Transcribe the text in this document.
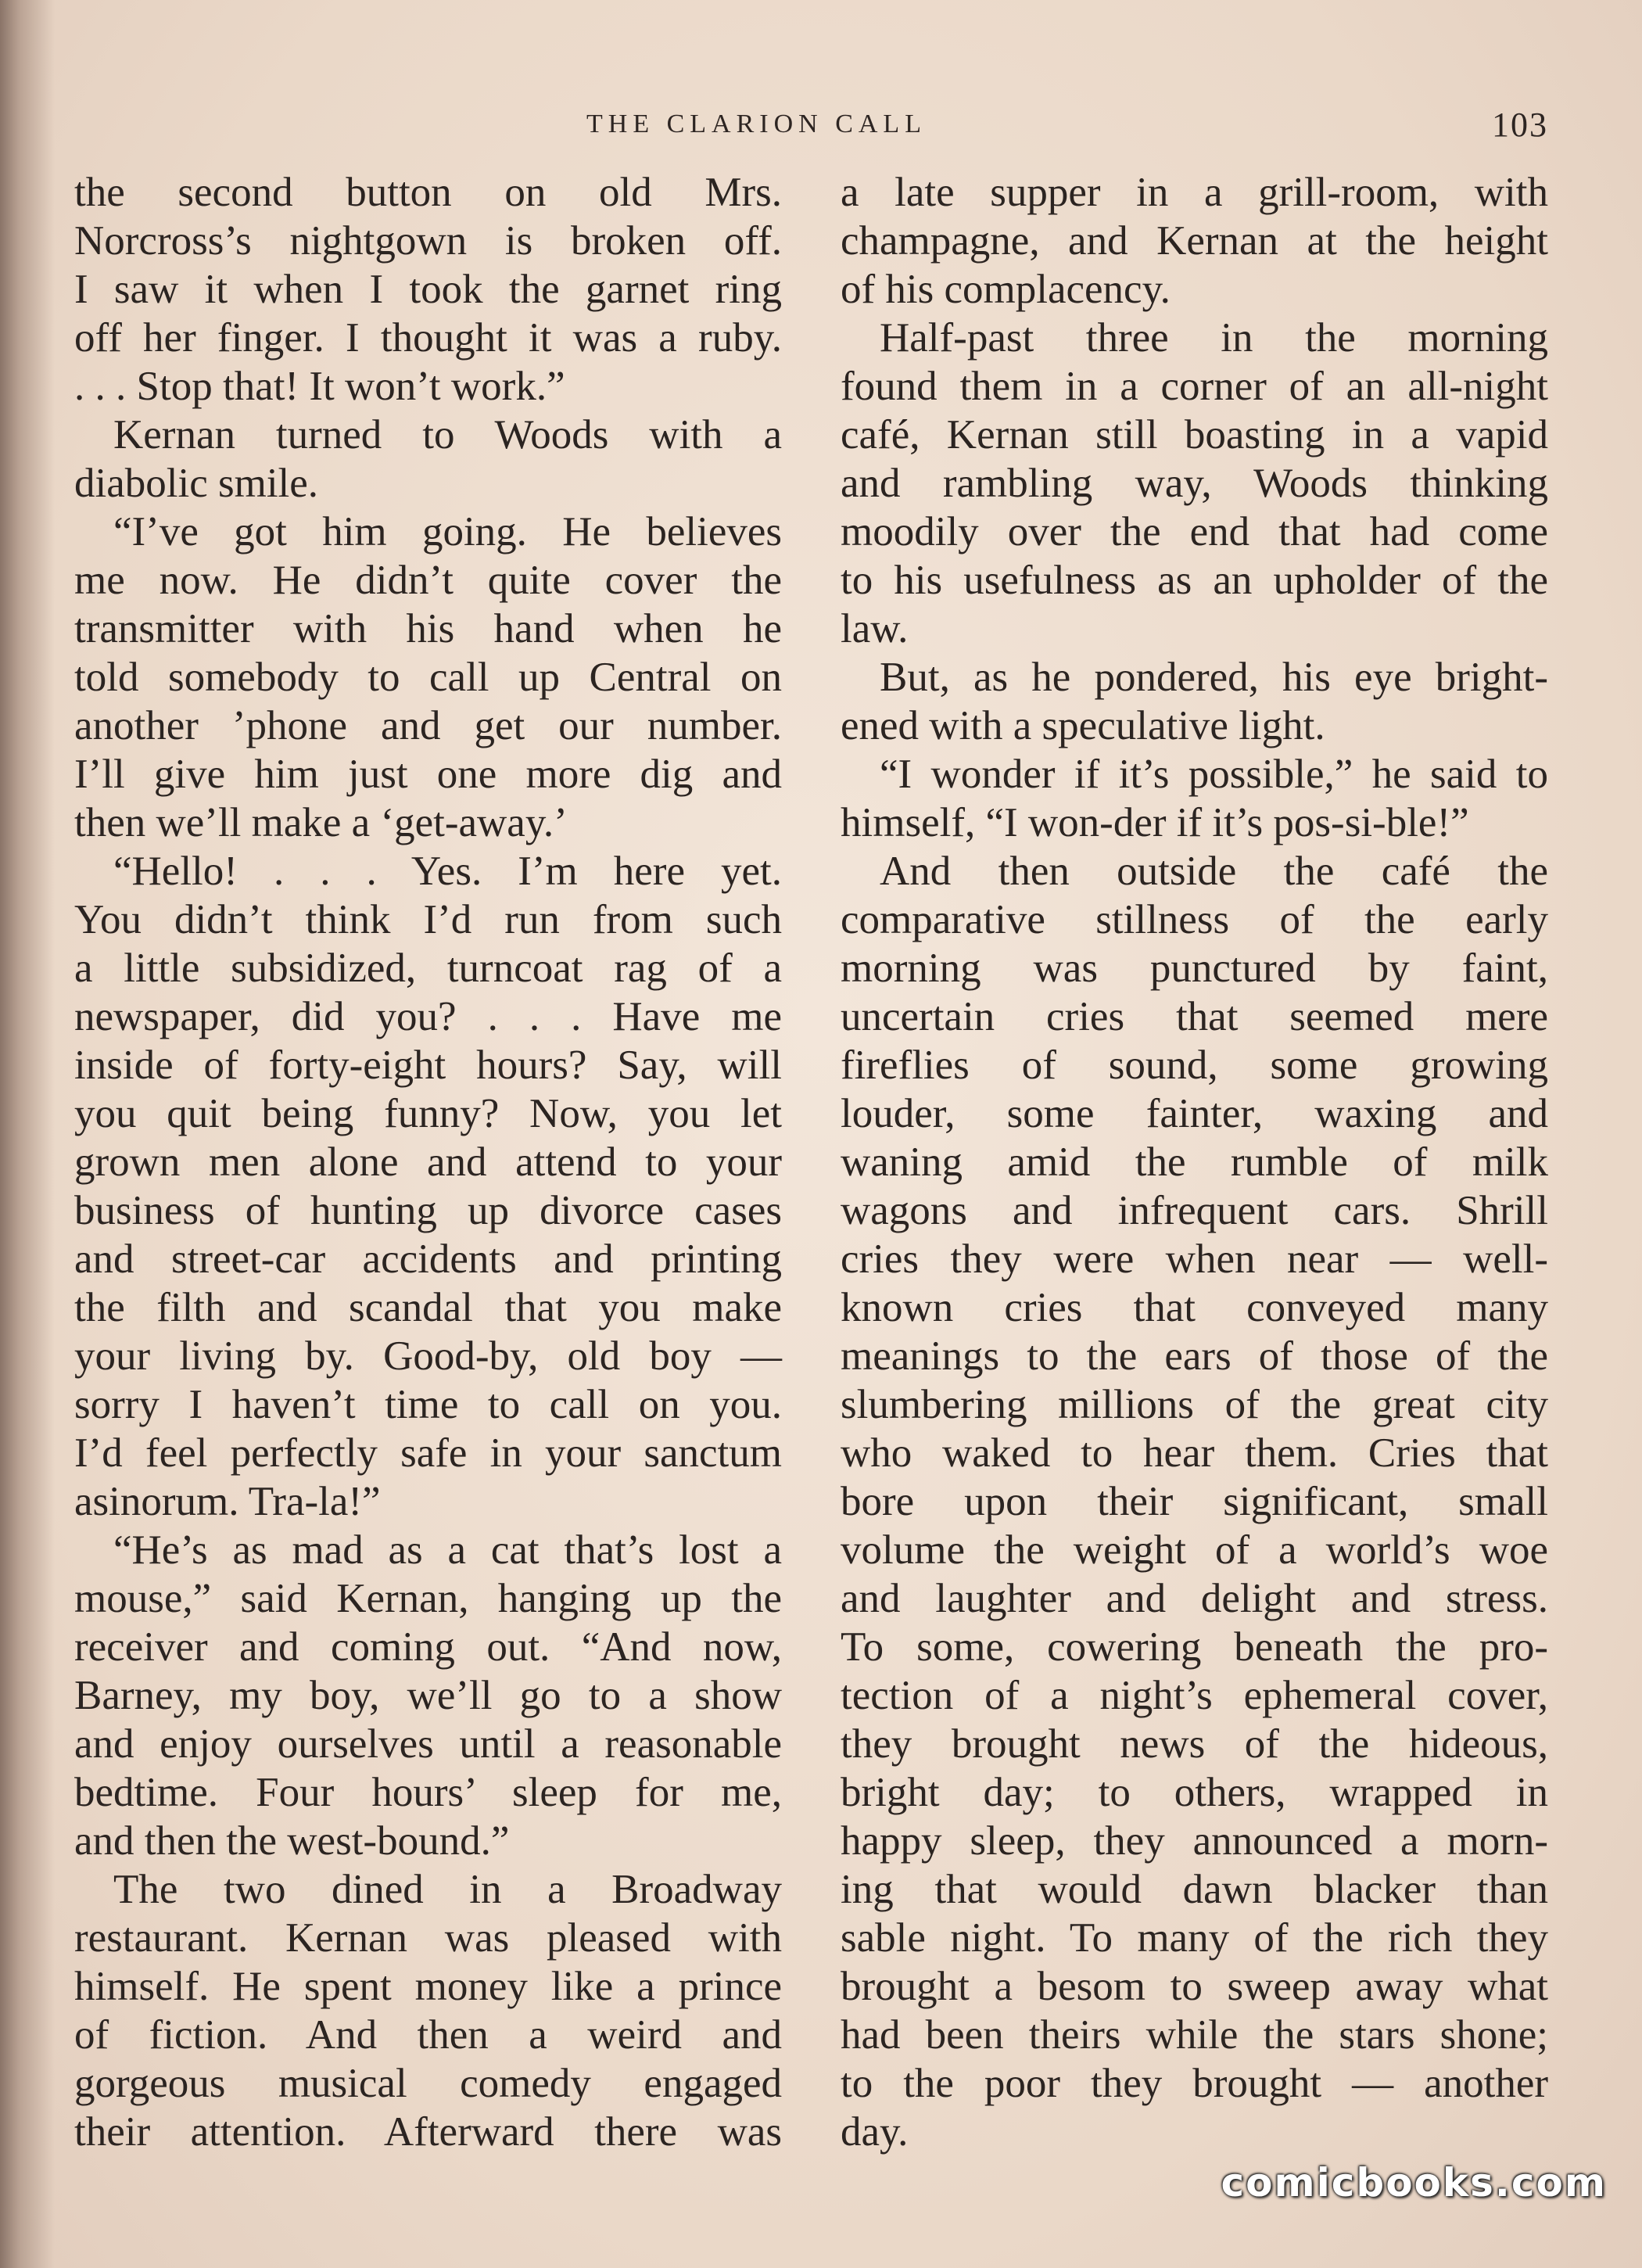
THE CLARION CALL	103
the second button on old Mrs.
Norcross’s nightgown is broken off.
I saw it when I took the garnet ring
off her finger. I thought it was a ruby.
. . . Stop that! It won’t work.”
Kernan turned to Woods with a
diabolic smile.
“I’ve got him going. He believes
me now. He didn’t quite cover the
transmitter with his hand when he
told somebody to call up Central on
another ’phone and get our number.
I’ll give him just one more dig and
then we’ll make a ‘get-away.’
“Hello! . . . Yes. I’m here yet.
You didn’t think I’d run from such
a little subsidized, turncoat rag of a
newspaper, did you? . . . Have me
inside of forty-eight hours? Say, will
you quit being funny? Now, you let
grown men alone and attend to your
business of hunting up divorce cases
and street-car accidents and printing
the filth and scandal that you make
your living by. Good-by, old boy —
sorry I haven’t time to call on you.
I’d feel perfectly safe in your sanctum
asinorum. Tra-la!”
“He’s as mad as a cat that’s lost a
mouse,” said Kernan, hanging up the
receiver and coming out. “And now,
Barney, my boy, we’ll go to a show
and enjoy ourselves until a reasonable
bedtime. Four hours’ sleep for me,
and then the west-bound.”
The two dined in a Broadway
restaurant. Kernan was pleased with
himself. He spent money like a prince
of fiction. And then a weird and
gorgeous musical comedy engaged
their attention. Afterward there was
a late supper in a grill-room, with
champagne, and Kernan at the height
of his complacency.
Half-past three in the morning
found them in a corner of an all-night
café, Kernan still boasting in a vapid
and rambling way, Woods thinking
moodily over the end that had come
to his usefulness as an upholder of the
law.
But, as he pondered, his eye bright-
ened with a speculative light.
“I wonder if it’s possible,” he said to
himself, “I won-der if it’s pos-si-ble!”
And then outside the café the
comparative stillness of the early
morning was punctured by faint,
uncertain cries that seemed mere
fireflies of sound, some growing
louder, some fainter, waxing and
waning amid the rumble of milk
wagons and infrequent cars. Shrill
cries they were when near — well-
known cries that conveyed many
meanings to the ears of those of the
slumbering millions of the great city
who waked to hear them. Cries that
bore upon their significant, small
volume the weight of a world’s woe
and laughter and delight and stress.
To some, cowering beneath the pro-
tection of a night’s ephemeral cover,
they brought news of the hideous,
bright day; to others, wrapped in
happy sleep, they announced a morn-
ing that would dawn blacker than
sable night. To many of the rich they
brought a besom to sweep away what
had been theirs while the stars shone;
to the poor they brought — another
day.
comicbooks.com
